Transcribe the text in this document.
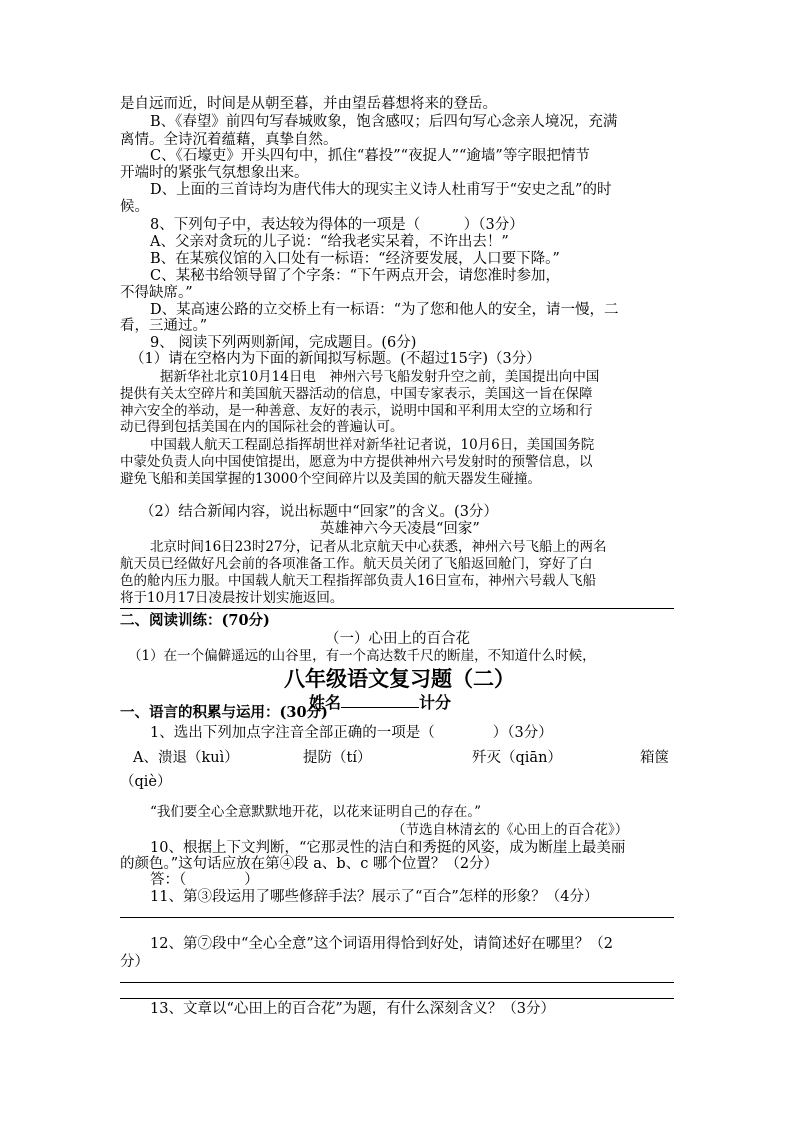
是自远而近，时间是从朝至暮，并由望岳暮想将来的登岳。
B、《春望》前四句写春城败象，饱含感叹；后四句写心念亲人境况，充满
离情。全诗沉着蕴藉，真挚自然。
C、《石壕吏》开头四句中，抓住“暮投”“夜捉人”“逾墙”等字眼把情节
开端时的紧张气氛想象出来。
D、上面的三首诗均为唐代伟大的现实主义诗人杜甫写于“安史之乱”的时
候。
8、下列句子中，表达较为得体的一项是（　　　）（3分）
A、父亲对贪玩的儿子说：“给我老实呆着，不许出去！”
B、在某殡仪馆的入口处有一标语：“经济要发展，人口要下降。”
C、某秘书给领导留了个字条：“下午两点开会，请您准时参加，
不得缺席。”
D、某高速公路的立交桥上有一标语：“为了您和他人的安全，请一慢，二
看，三通过。”
9、 阅读下列两则新闻，完成题目。(6分)
（1）请在空格内为下面的新闻拟写标题。(不超过15字)（3分）
据新华社北京10月14日电　神州六号飞船发射升空之前，美国提出向中国
提供有关太空碎片和美国航天器活动的信息，中国专家表示，美国这一旨在保障
神六安全的举动，是一种善意、友好的表示，说明中国和平利用太空的立场和行
动已得到包括美国在内的国际社会的普遍认可。
中国载人航天工程副总指挥胡世祥对新华社记者说，10月6日，美国国务院
中蒙处负责人向中国使馆提出，愿意为中方提供神州六号发射时的预警信息，以
避免飞船和美国掌握的13000个空间碎片以及美国的航天器发生碰撞。
（2）结合新闻内容，说出标题中“回家”的含义。(3分）
英雄神六今天凌晨“回家”
北京时间16日23时27分，记者从北京航天中心获悉，神州六号飞船上的两名
航天员已经做好凡会前的各项准备工作。航天员关闭了飞船返回舱门，穿好了白
色的舱内压力服。中国载人航天工程指挥部负责人16日宣布，神州六号载人飞船
将于10月17日凌晨按计划实施返回。
二、阅读训练：(70分)
（一）心田上的百合花
（1）在一个偏僻遥远的山谷里，有一个高达数千尺的断崖，不知道什么时候，
八年级语文复习题（二）
姓名	计分
一、语言的积累与运用：(30分)
1、选出下列加点字注音全部正确的一项是（　　　　）（3分）
A、溃退（kuì）	提防（tí）	歼灭（qiān）	箱箧
（qiè）
“我们要全心全意默默地开花，以花来证明自己的存在。”
（节选自林清玄的《心田上的百合花》）
10、根据上下文判断，“它那灵性的洁白和秀挺的风姿，成为断崖上最美丽
的颜色。”这句话应放在第④段 a、b、c 哪个位置？（2分）
答：（　　　　）
11、第③段运用了哪些修辞手法？展示了“百合”怎样的形象？（4分）
12、第⑦段中“全心全意”这个词语用得恰到好处，请简述好在哪里？（2
分）
13、文章以“心田上的百合花”为题，有什么深刻含义？（3分）
